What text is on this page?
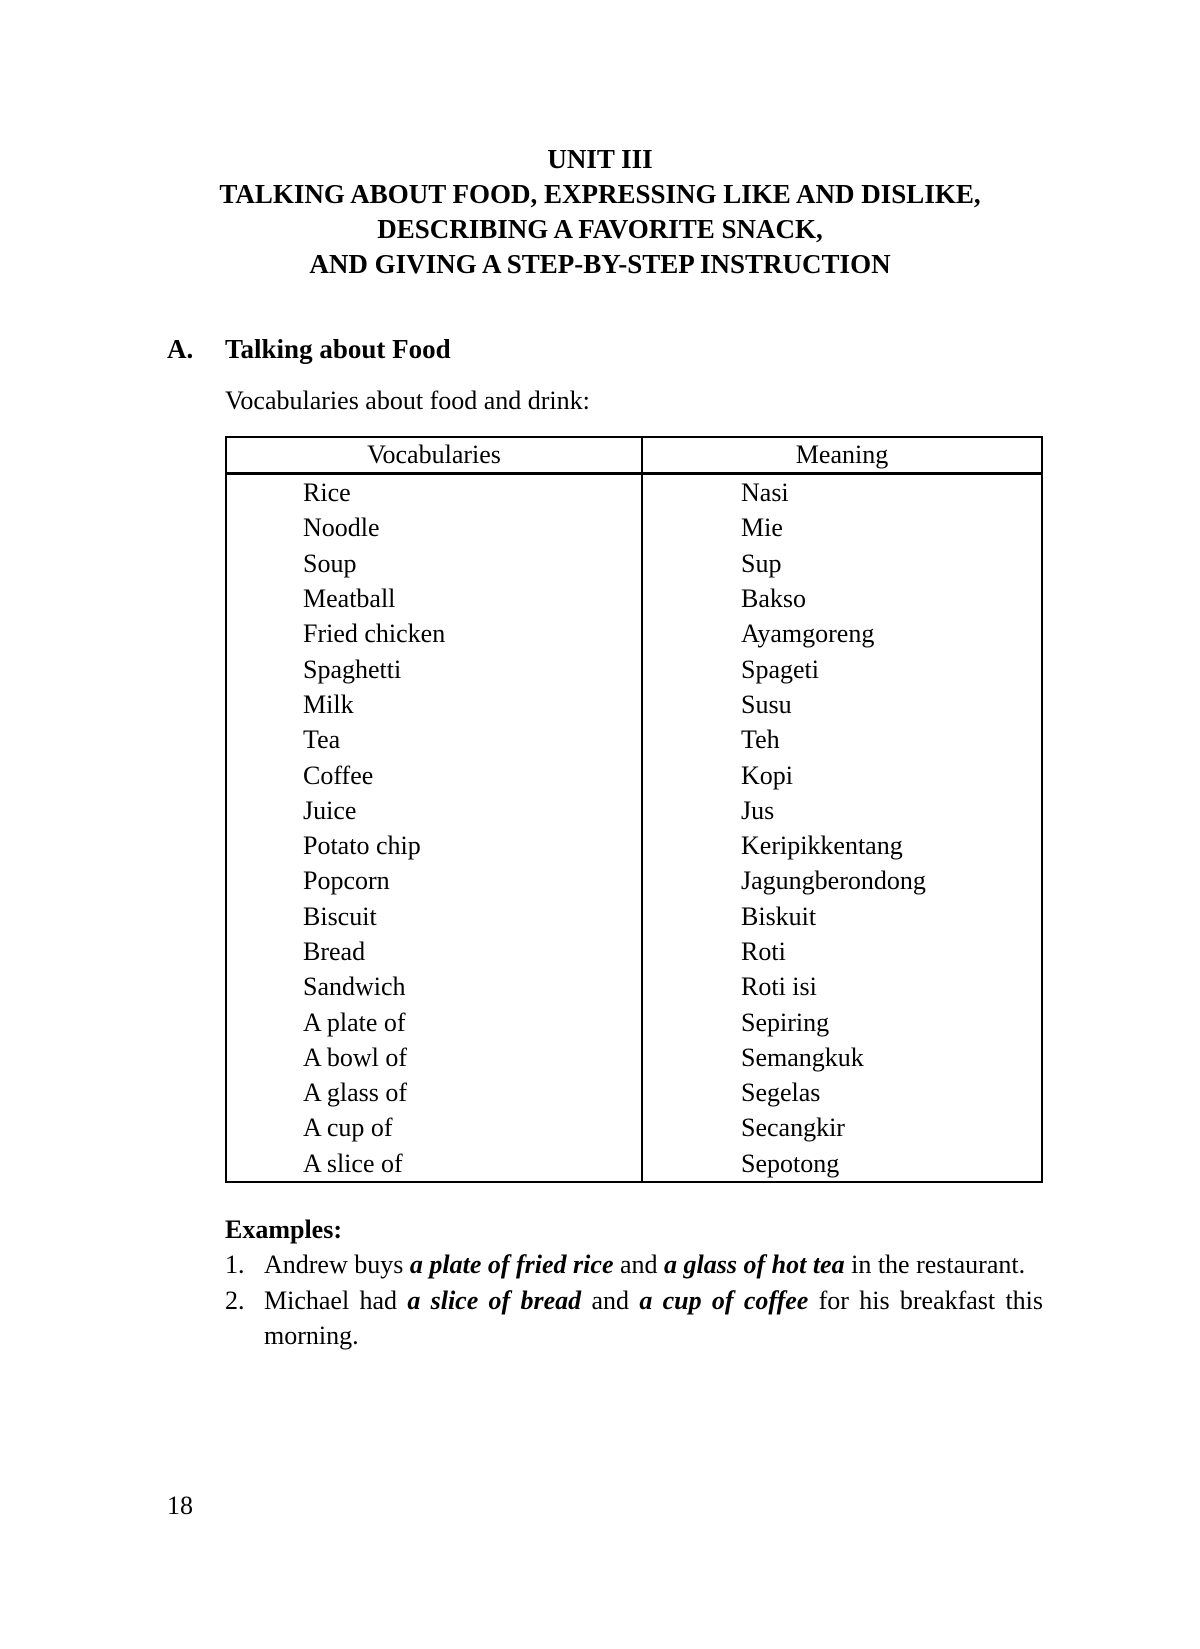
UNIT III
TALKING ABOUT FOOD, EXPRESSING LIKE AND DISLIKE,
DESCRIBING A FAVORITE SNACK,
AND GIVING A STEP-BY-STEP INSTRUCTION
A. Talking about Food
Vocabularies about food and drink:
Vocabularies	Meaning
Rice	Nasi
Noodle	Mie
Soup	Sup
Meatball	Bakso
Fried chicken	Ayamgoreng
Spaghetti	Spageti
Milk	Susu
Tea	Teh
Coffee	Kopi
Juice	Jus
Potato chip	Keripikkentang
Popcorn	Jagungberondong
Biscuit	Biskuit
Bread	Roti
Sandwich	Roti isi
A plate of	Sepiring
A bowl of	Semangkuk
A glass of	Segelas
A cup of	Secangkir
A slice of	Sepotong
Examples:
1. Andrew buys a plate of fried rice and a glass of hot tea in the restaurant.
2. Michael had a slice of bread and a cup of coffee for his breakfast this morning.
18
